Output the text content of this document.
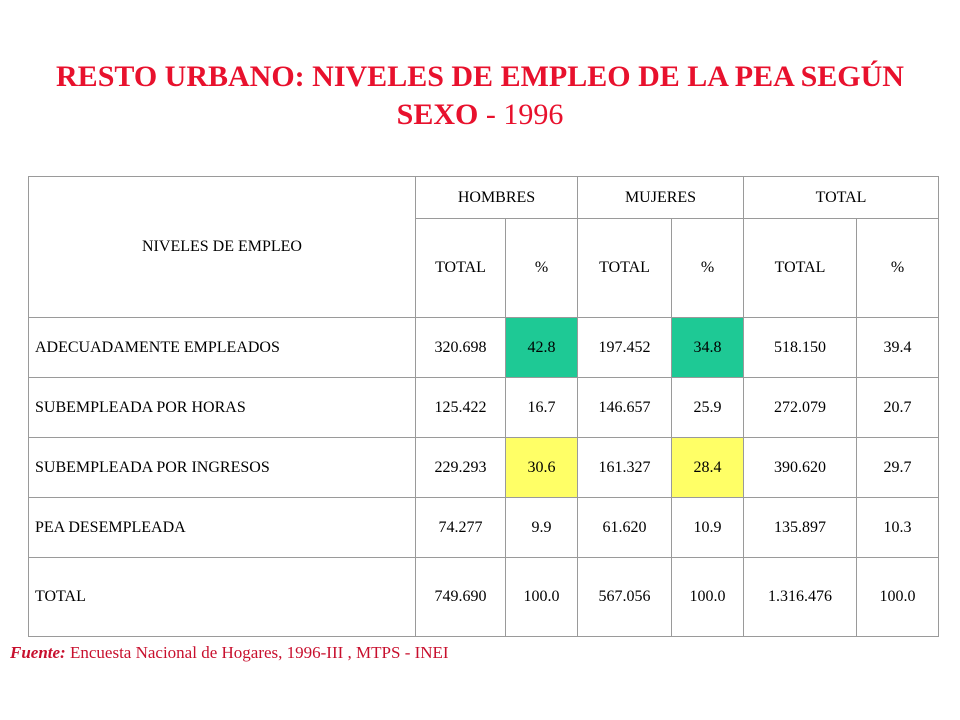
RESTO URBANO: NIVELES DE EMPLEO DE LA PEA SEGÚN
SEXO - 1996
NIVELES DE EMPLEO	HOMBRES		MUJERES		TOTAL	
	TOTAL	%	TOTAL	%	TOTAL	%
ADECUADAMENTE EMPLEADOS	320.698	42.8	197.452	34.8	518.150	39.4
SUBEMPLEADA POR HORAS	125.422	16.7	146.657	25.9	272.079	20.7
SUBEMPLEADA POR INGRESOS	229.293	30.6	161.327	28.4	390.620	29.7
PEA DESEMPLEADA	74.277	9.9	61.620	10.9	135.897	10.3
TOTAL	749.690	100.0	567.056	100.0	1.316.476	100.0
Fuente: Encuesta Nacional de Hogares, 1996-III , MTPS - INEI
